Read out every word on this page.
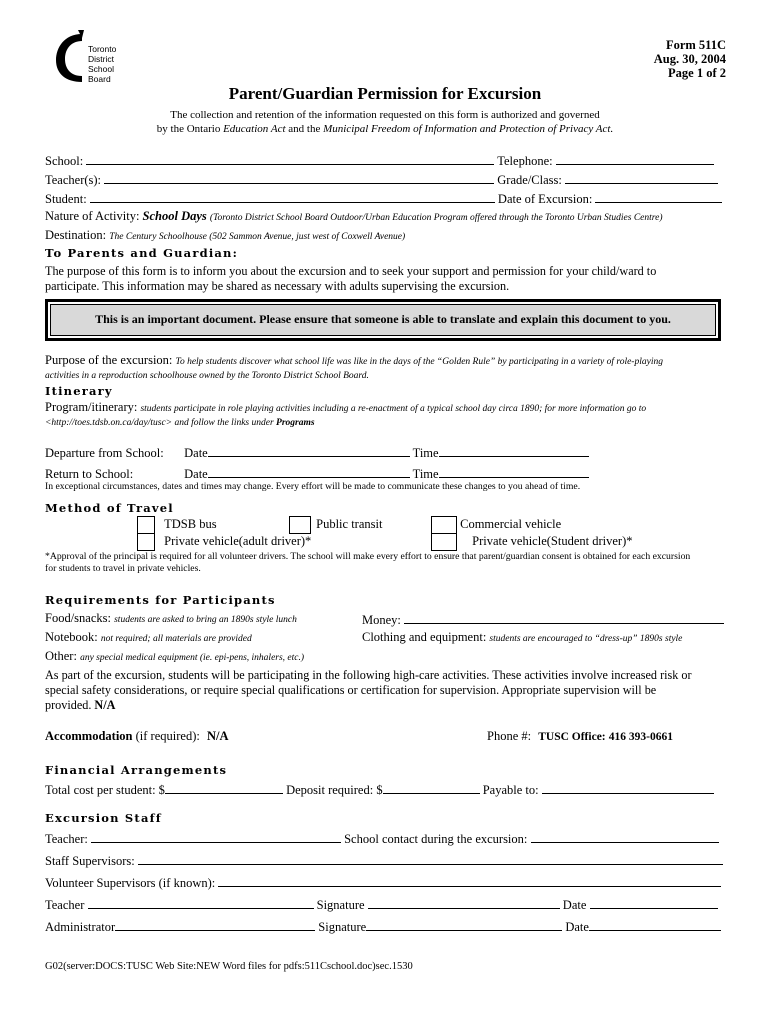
Toronto
District
School
Board
Form 511C
Aug. 30, 2004
Page 1 of 2
Parent/Guardian Permission for Excursion
The collection and retention of the information requested on this form is authorized and governed
by the Ontario Education Act and the Municipal Freedom of Information and Protection of Privacy Act.
School:	Telephone:
Teacher(s):	Grade/Class:
Student:	Date of Excursion:
Nature of Activity: School Days (Toronto District School Board Outdoor/Urban Education Program offered through the Toronto Urban Studies Centre)
Destination: The Century Schoolhouse (502 Sammon Avenue, just west of Coxwell Avenue)
To Parents and Guardian:
The purpose of this form is to inform you about the excursion and to seek your support and permission for your child/ward to
participate. This information may be shared as necessary with adults supervising the excursion.
This is an important document. Please ensure that someone is able to translate and explain this document to you.
Purpose of the excursion: To help students discover what school life was like in the days of the “Golden Rule” by participating in a variety of role-playing
activities in a reproduction schoolhouse owned by the Toronto District School Board.
Itinerary
Program/itinerary: students participate in role playing activities including a re-enactment of a typical school day circa 1890; for more information go to
<http://toes.tdsb.on.ca/day/tusc> and follow the links under Programs
Departure from School: Date	Time
Return to School:	Date	Time
In exceptional circumstances, dates and times may change. Every effort will be made to communicate these changes to you ahead of time.
Method of Travel
TDSB bus	Public transit	Commercial vehicle
Private vehicle(adult driver)*	Private vehicle(Student driver)*
*Approval of the principal is required for all volunteer drivers. The school will make every effort to ensure that parent/guardian consent is obtained for each excursion
for students to travel in private vehicles.
Requirements for Participants
Food/snacks: students are asked to bring an 1890s style lunch	Money:
Notebook: not required; all materials are provided	Clothing and equipment: students are encouraged to “dress-up” 1890s style
Other: any special medical equipment (ie. epi-pens, inhalers, etc.)
As part of the excursion, students will be participating in the following high-care activities. These activities involve increased risk or
special safety considerations, or require special qualifications or certification for supervision. Appropriate supervision will be
provided. N/A
Accommodation (if required): N/A	Phone #: TUSC Office: 416 393-0661
Financial Arrangements
Total cost per student: $	Deposit required: $	Payable to:
Excursion Staff
Teacher:	School contact during the excursion:
Staff Supervisors:
Volunteer Supervisors (if known):
Teacher	Signature	Date
Administrator	Signature	Date
G02(server:DOCS:TUSC Web Site:NEW Word files for pdfs:511Cschool.doc)sec.1530
